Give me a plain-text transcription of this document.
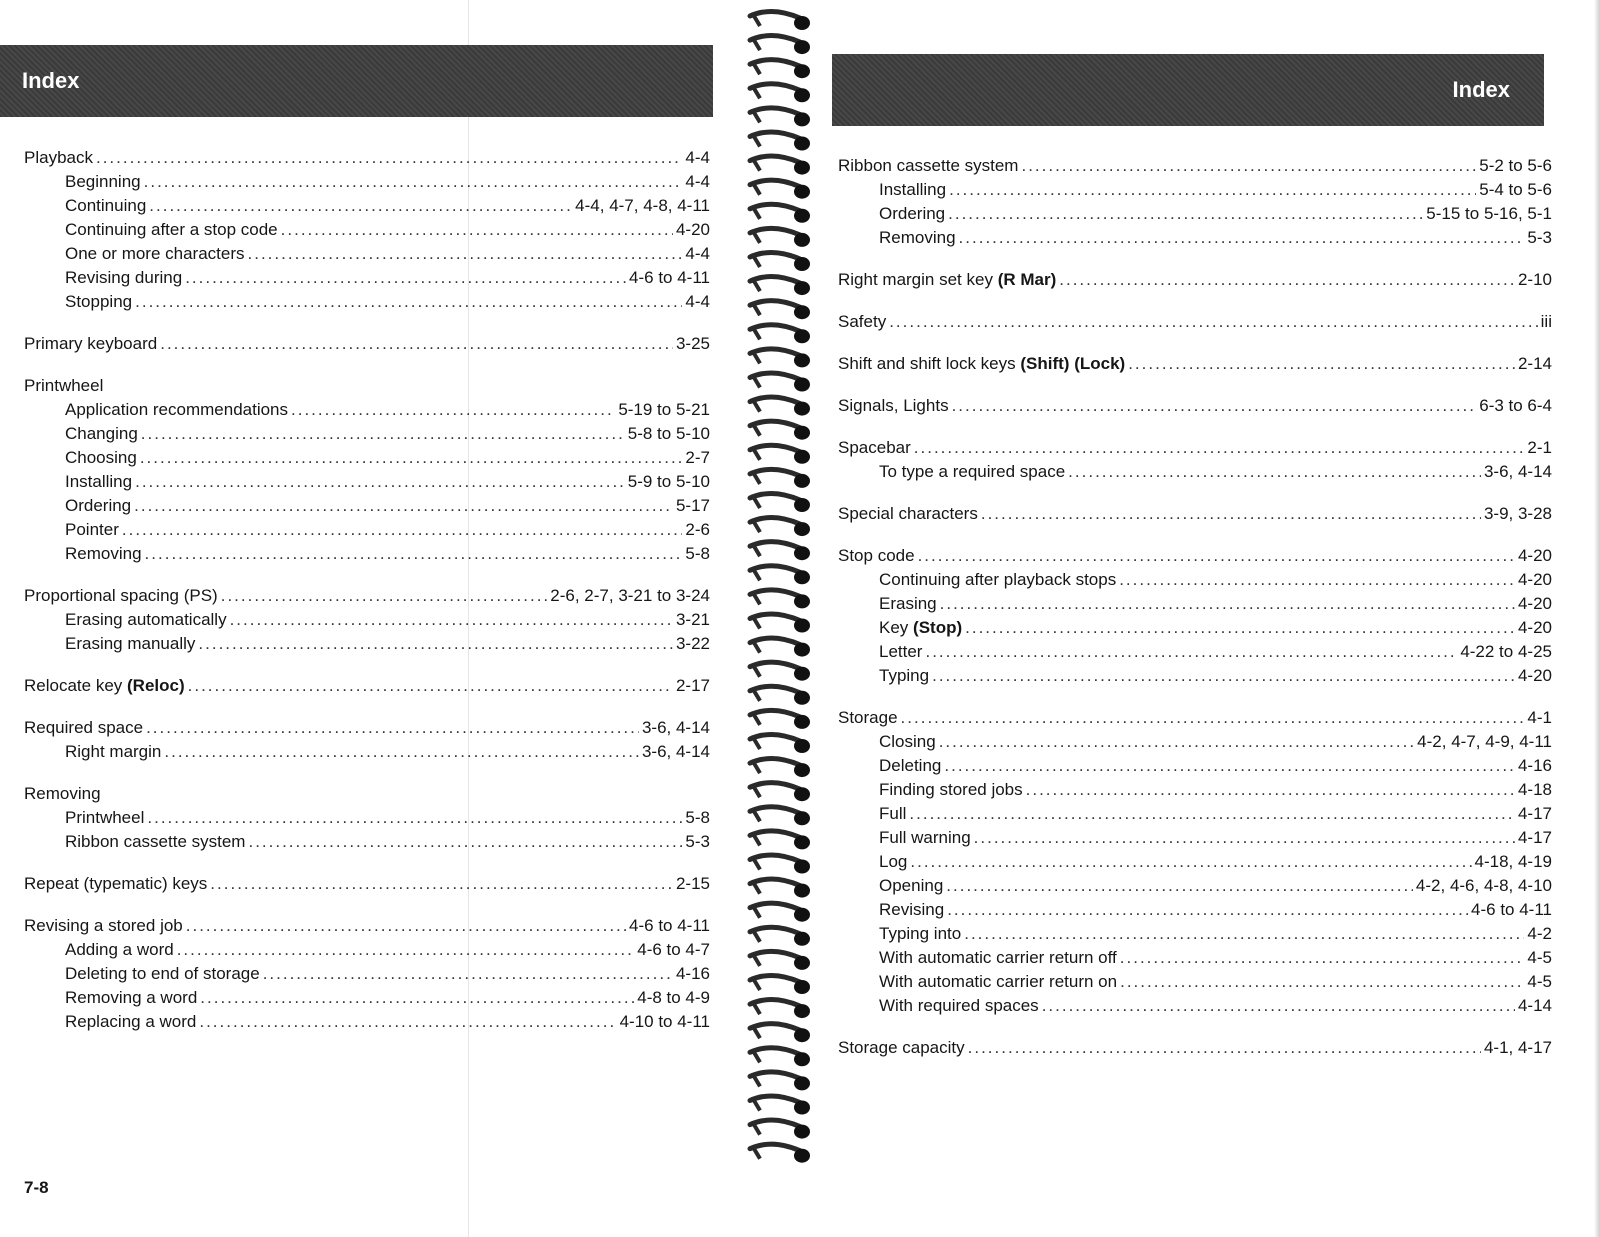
Index
Playback .....	4-4
Beginning .....	4-4
Continuing .....	4-4, 4-7, 4-8, 4-11
Continuing after a stop code .....	4-20
One or more characters .....	4-4
Revising during .....	4-6 to 4-11
Stopping .....	4-4
Primary keyboard .....	3-25
Printwheel
Application recommendations .....	5-19 to 5-21
Changing .....	5-8 to 5-10
Choosing .....	2-7
Installing .....	5-9 to 5-10
Ordering .....	5-17
Pointer .....	2-6
Removing .....	5-8
Proportional spacing (PS) .....	2-6, 2-7, 3-21 to 3-24
Erasing automatically .....	3-21
Erasing manually .....	3-22
Relocate key (Reloc) .....	2-17
Required space .....	3-6, 4-14
Right margin .....	3-6, 4-14
Removing
Printwheel .....	5-8
Ribbon cassette system .....	5-3
Repeat (typematic) keys .....	2-15
Revising a stored job .....	4-6 to 4-11
Adding a word .....	4-6 to 4-7
Deleting to end of storage .....	4-16
Removing a word .....	4-8 to 4-9
Replacing a word .....	4-10 to 4-11
7-8
Index
Ribbon cassette system .....	5-2 to 5-6
Installing .....	5-4 to 5-6
Ordering .....	5-15 to 5-16, 5-1
Removing .....	5-3
Right margin set key (R Mar) .....	2-10
Safety .....	iii
Shift and shift lock keys (Shift) (Lock) .....	2-14
Signals, Lights .....	6-3 to 6-4
Spacebar .....	2-1
To type a required space .....	3-6, 4-14
Special characters .....	3-9, 3-28
Stop code .....	4-20
Continuing after playback stops .....	4-20
Erasing .....	4-20
Key (Stop) .....	4-20
Letter .....	4-22 to 4-25
Typing .....	4-20
Storage .....	4-1
Closing .....	4-2, 4-7, 4-9, 4-11
Deleting .....	4-16
Finding stored jobs .....	4-18
Full .....	4-17
Full warning .....	4-17
Log .....	4-18, 4-19
Opening .....	4-2, 4-6, 4-8, 4-10
Revising .....	4-6 to 4-11
Typing into .....	4-2
With automatic carrier return off .....	4-5
With automatic carrier return on .....	4-5
With required spaces .....	4-14
Storage capacity .....	4-1, 4-17
